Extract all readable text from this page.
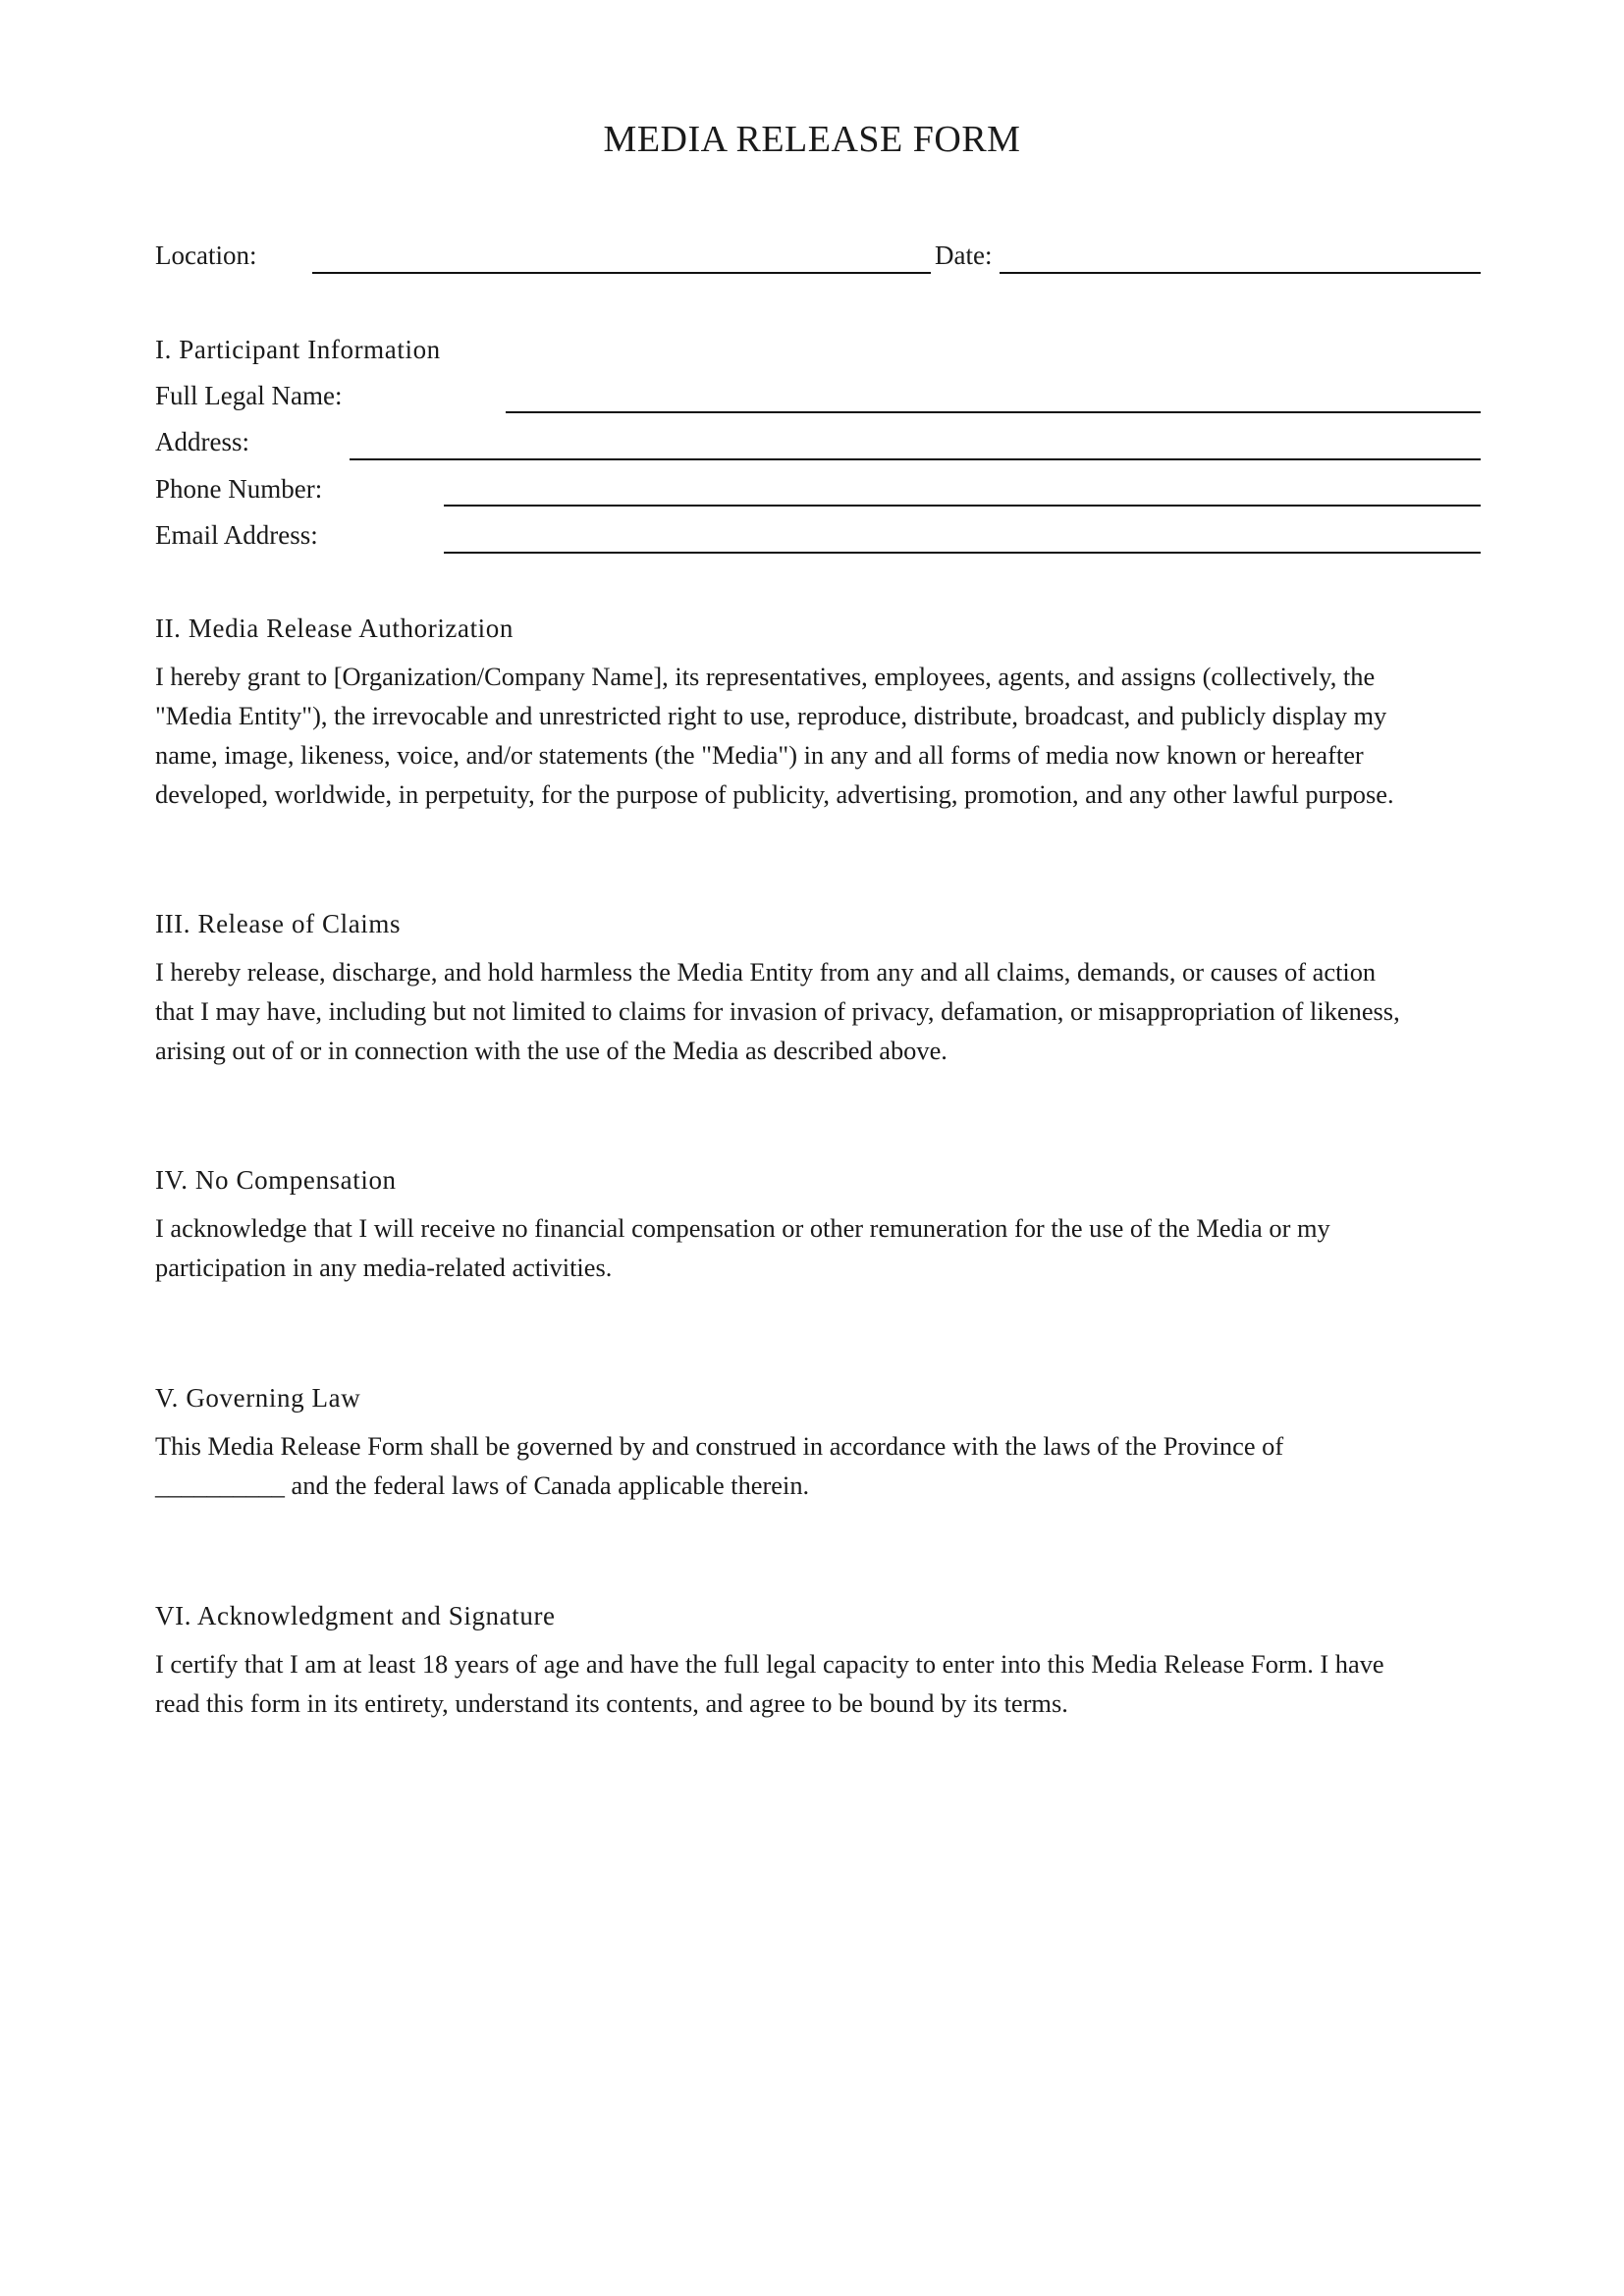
MEDIA RELEASE FORM
Location:	Date:
I. Participant Information
Full Legal Name:
Address:
Phone Number:
Email Address:
II. Media Release Authorization
I hereby grant to [Organization/Company Name], its representatives, employees, agents, and assigns (collectively, the
"Media Entity"), the irrevocable and unrestricted right to use, reproduce, distribute, broadcast, and publicly display my
name, image, likeness, voice, and/or statements (the "Media") in any and all forms of media now known or hereafter
developed, worldwide, in perpetuity, for the purpose of publicity, advertising, promotion, and any other lawful purpose.
III. Release of Claims
I hereby release, discharge, and hold harmless the Media Entity from any and all claims, demands, or causes of action
that I may have, including but not limited to claims for invasion of privacy, defamation, or misappropriation of likeness,
arising out of or in connection with the use of the Media as described above.
IV. No Compensation
I acknowledge that I will receive no financial compensation or other remuneration for the use of the Media or my
participation in any media-related activities.
V. Governing Law
This Media Release Form shall be governed by and construed in accordance with the laws of the Province of
__________ and the federal laws of Canada applicable therein.
VI. Acknowledgment and Signature
I certify that I am at least 18 years of age and have the full legal capacity to enter into this Media Release Form. I have
read this form in its entirety, understand its contents, and agree to be bound by its terms.
